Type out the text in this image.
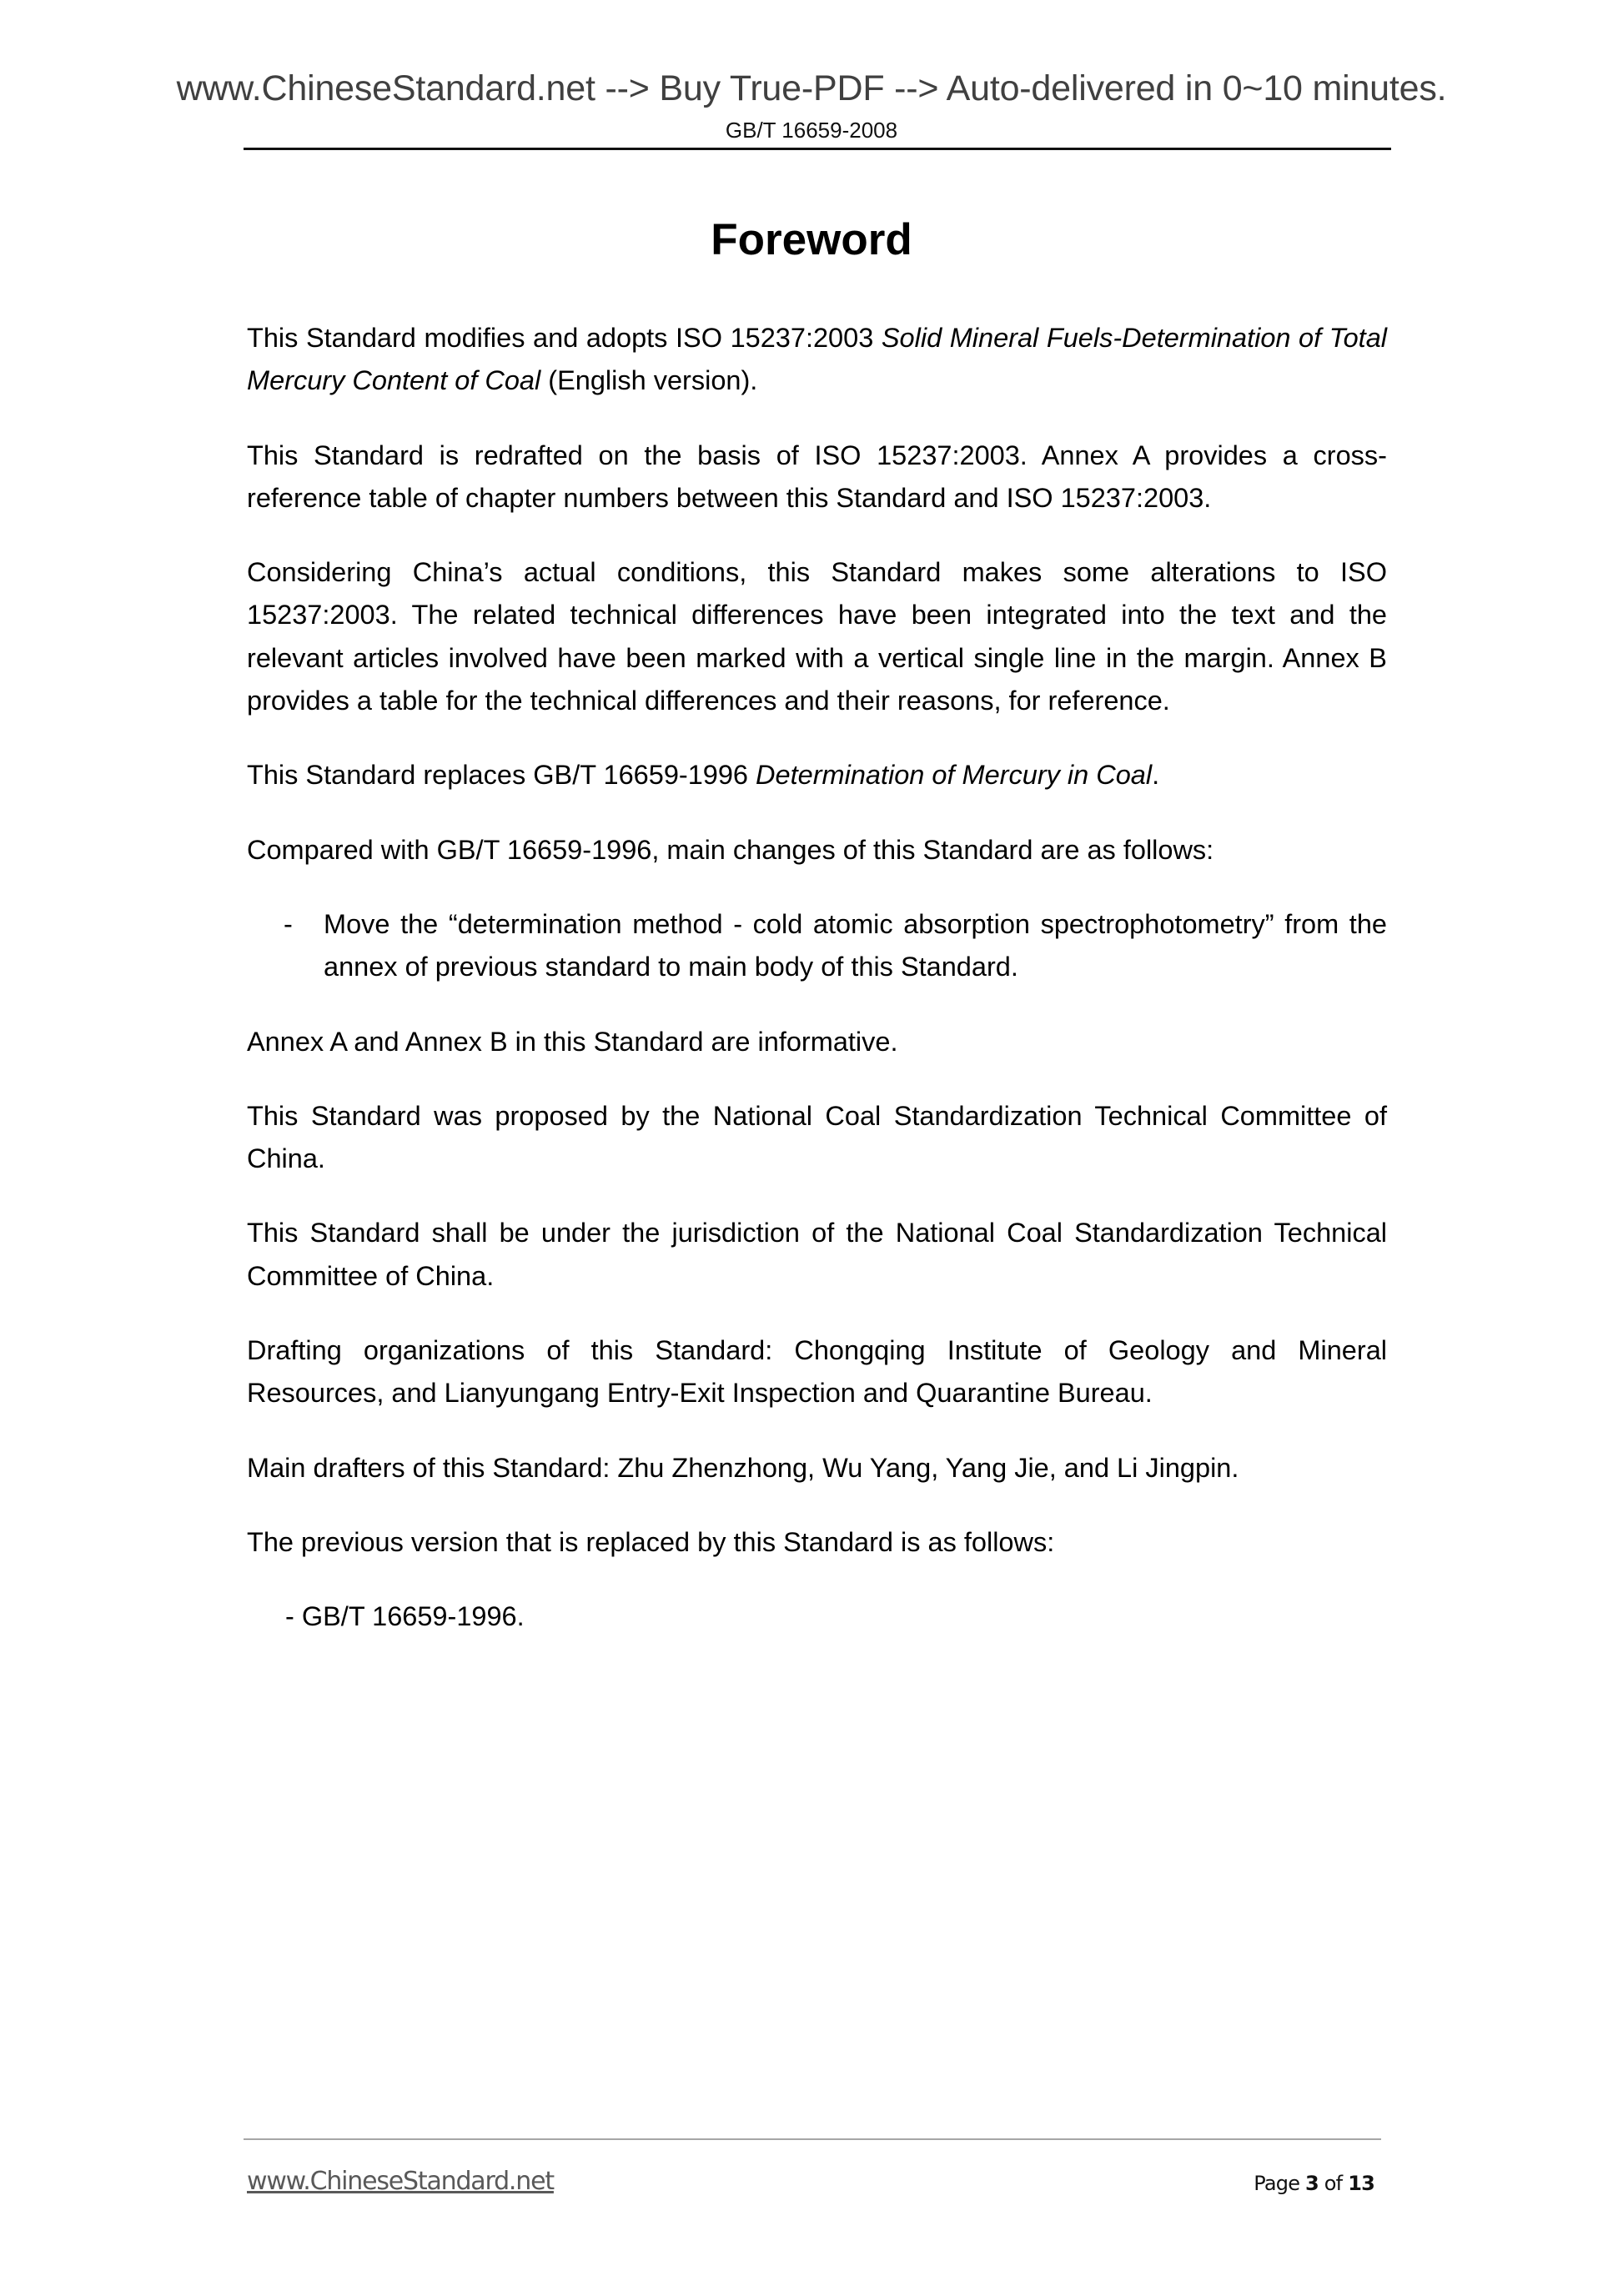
www.ChineseStandard.net --> Buy True-PDF --> Auto-delivered in 0~10 minutes.
GB/T 16659-2008
Foreword

This Standard modifies and adopts ISO 15237:2003 Solid Mineral Fuels-Determination of Total Mercury Content of Coal (English version).

This Standard is redrafted on the basis of ISO 15237:2003. Annex A provides a cross-reference table of chapter numbers between this Standard and ISO 15237:2003.

Considering China’s actual conditions, this Standard makes some alterations to ISO 15237:2003. The related technical differences have been integrated into the text and the relevant articles involved have been marked with a vertical single line in the margin. Annex B provides a table for the technical differences and their reasons, for reference.

This Standard replaces GB/T 16659-1996 Determination of Mercury in Coal.

Compared with GB/T 16659-1996, main changes of this Standard are as follows:

- Move the “determination method - cold atomic absorption spectrophotometry” from the annex of previous standard to main body of this Standard.

Annex A and Annex B in this Standard are informative.

This Standard was proposed by the National Coal Standardization Technical Committee of China.

This Standard shall be under the jurisdiction of the National Coal Standardization Technical Committee of China.

Drafting organizations of this Standard: Chongqing Institute of Geology and Mineral Resources, and Lianyungang Entry-Exit Inspection and Quarantine Bureau.

Main drafters of this Standard: Zhu Zhenzhong, Wu Yang, Yang Jie, and Li Jingpin.

The previous version that is replaced by this Standard is as follows:

- GB/T 16659-1996.

www.ChineseStandard.net	Page 3 of 13
